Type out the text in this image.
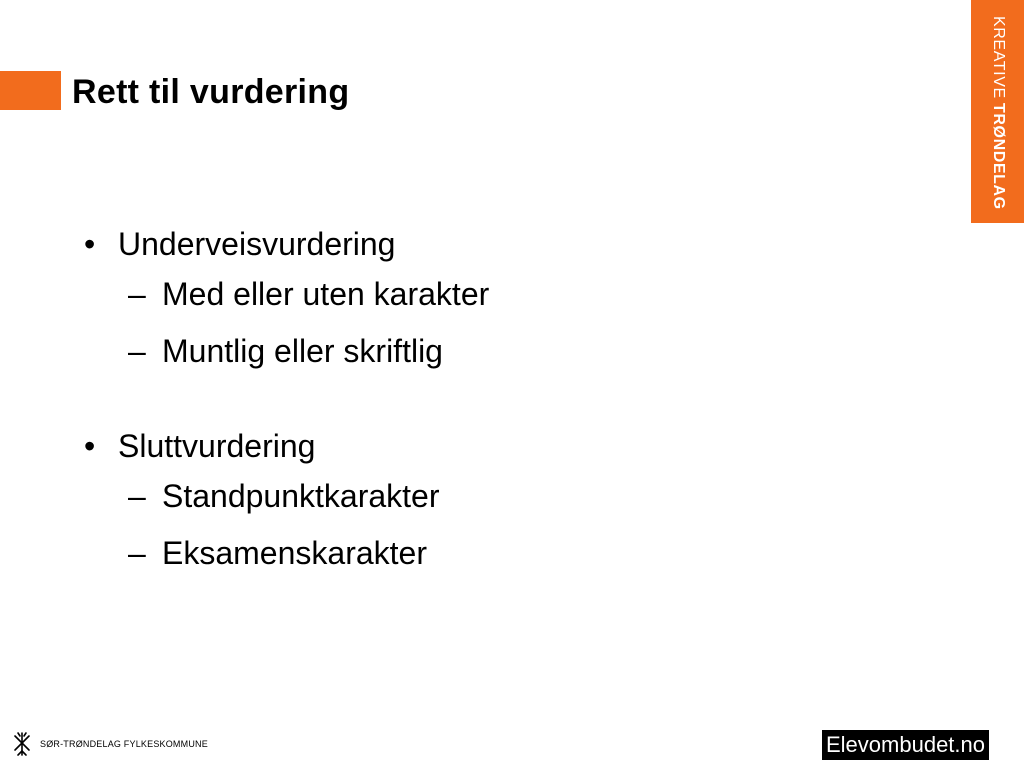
Rett til vurdering	KREATIVETRØNDELAG
• Underveisvurdering
– Med eller uten karakter
– Muntlig eller skriftlig
• Sluttvurdering
– Standpunktkarakter
– Eksamenskarakter
SØR-TRØNDELAG FYLKESKOMMUNE	Elevombudet.no
